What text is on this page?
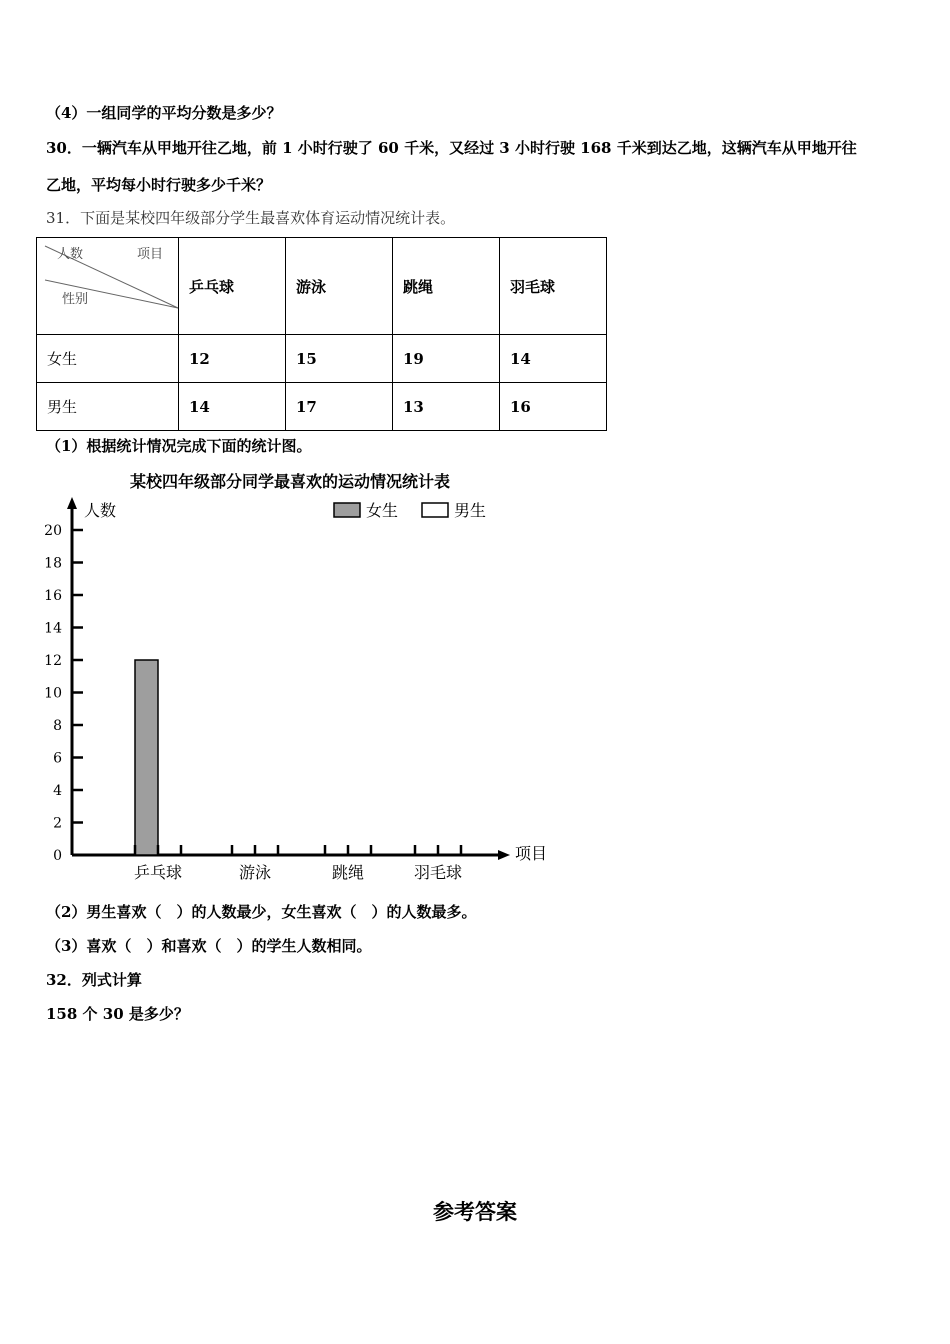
（4）一组同学的平均分数是多少？
30．一辆汽车从甲地开往乙地，前 1 小时行驶了 60 千米，又经过 3 小时行驶 168 千米到达乙地，这辆汽车从甲地开往
乙地，平均每小时行驶多少千米？
31．下面是某校四年级部分学生最喜欢体育运动情况统计表。
人数 项目
性别	乒乓球	游泳	跳绳	羽毛球
女生	12	15	19	14
男生	14	17	13	16
（1）根据统计情况完成下面的统计图。
某校四年级部分同学最喜欢的运动情况统计表
人数	女生	男生
0
2
4
6
8
10
12
14
16
18
20
乒乓球	游泳	跳绳	羽毛球
项目
（2）男生喜欢（　）的人数最少，女生喜欢（　）的人数最多。
（3）喜欢（　）和喜欢（　）的学生人数相同。
32．列式计算
158 个 30 是多少？
参考答案
